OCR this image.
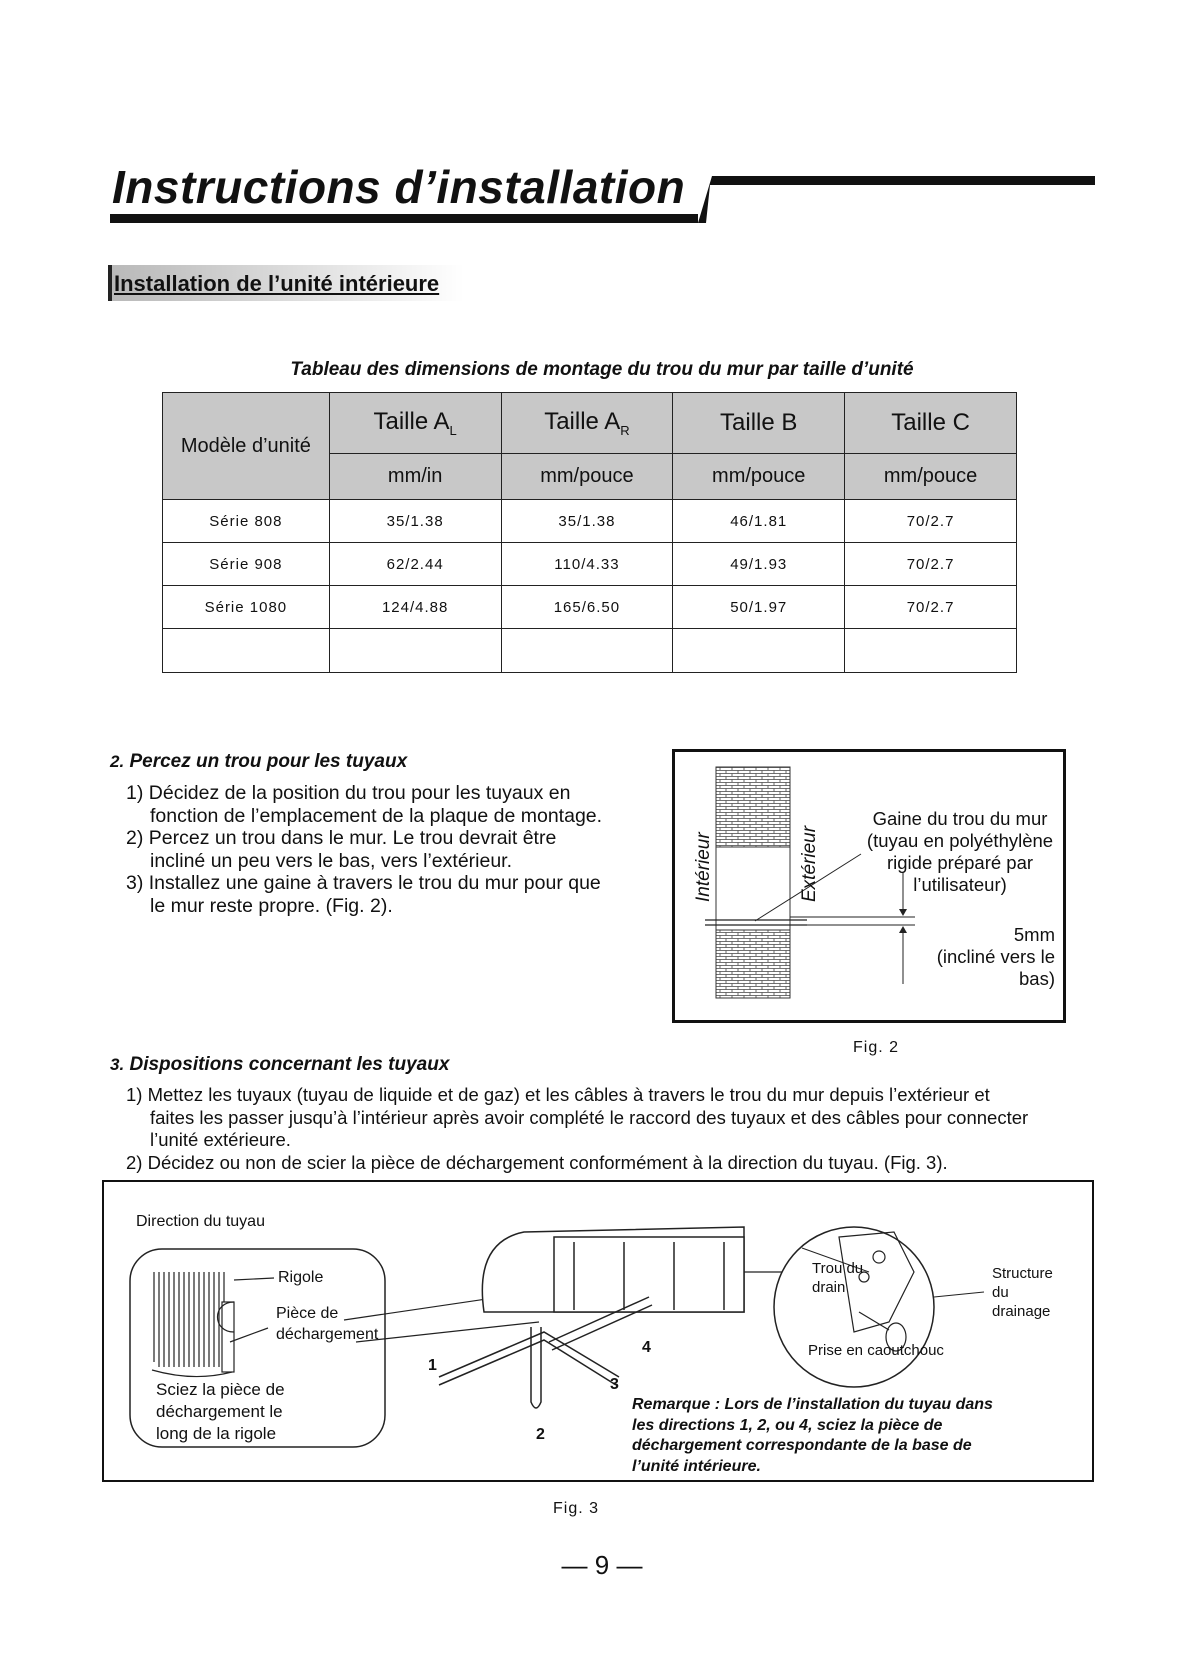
Instructions d’installation
Installation de l’unité intérieure
Tableau des dimensions de montage du trou du mur par taille d’unité
Modèle d’unité	Taille $A_L$	Taille $A_R$	Taille B	Taille C
	mm/in	mm/pouce	mm/pouce	mm/pouce
Série 808	35/1.38	35/1.38	46/1.81	70/2.7
Série 908	62/2.44	110/4.33	49/1.93	70/2.7
Série 1080	124/4.88	165/6.50	50/1.97	70/2.7

2. Percez un trou pour les tuyaux
1) Décidez de la position du trou pour les tuyaux en
fonction de l’emplacement de la plaque de montage.
2) Percez un trou dans le mur. Le trou devrait être
incliné un peu vers le bas, vers l’extérieur.
3) Installez une gaine à travers le trou du mur pour que
le mur reste propre. (Fig. 2).
Intérieur	Extérieur
Gaine du trou du mur
(tuyau en polyéthylène
rigide préparé par
l’utilisateur)
5mm
(incliné vers le
bas)
Fig. 2
3. Dispositions concernant les tuyaux
1) Mettez les tuyaux (tuyau de liquide et de gaz) et les câbles à travers le trou du mur depuis l’extérieur et
faites les passer jusqu’à l’intérieur après avoir complété le raccord des tuyaux et des câbles pour connecter
l’unité extérieure.
2) Décidez ou non de scier la pièce de déchargement conformément à la direction du tuyau. (Fig. 3).
Direction du tuyau
Rigole
Pièce de
déchargement
Sciez la pièce de
déchargement le
long de la rigole
1
2
3
4
Trou du
drain
Structure
du
drainage
Prise en caoutchouc
Remarque : Lors de l’installation du tuyau dans
les directions 1, 2, ou 4, sciez la pièce de
déchargement correspondante de la base de
l’unité intérieure.
Fig. 3
— 9 —
